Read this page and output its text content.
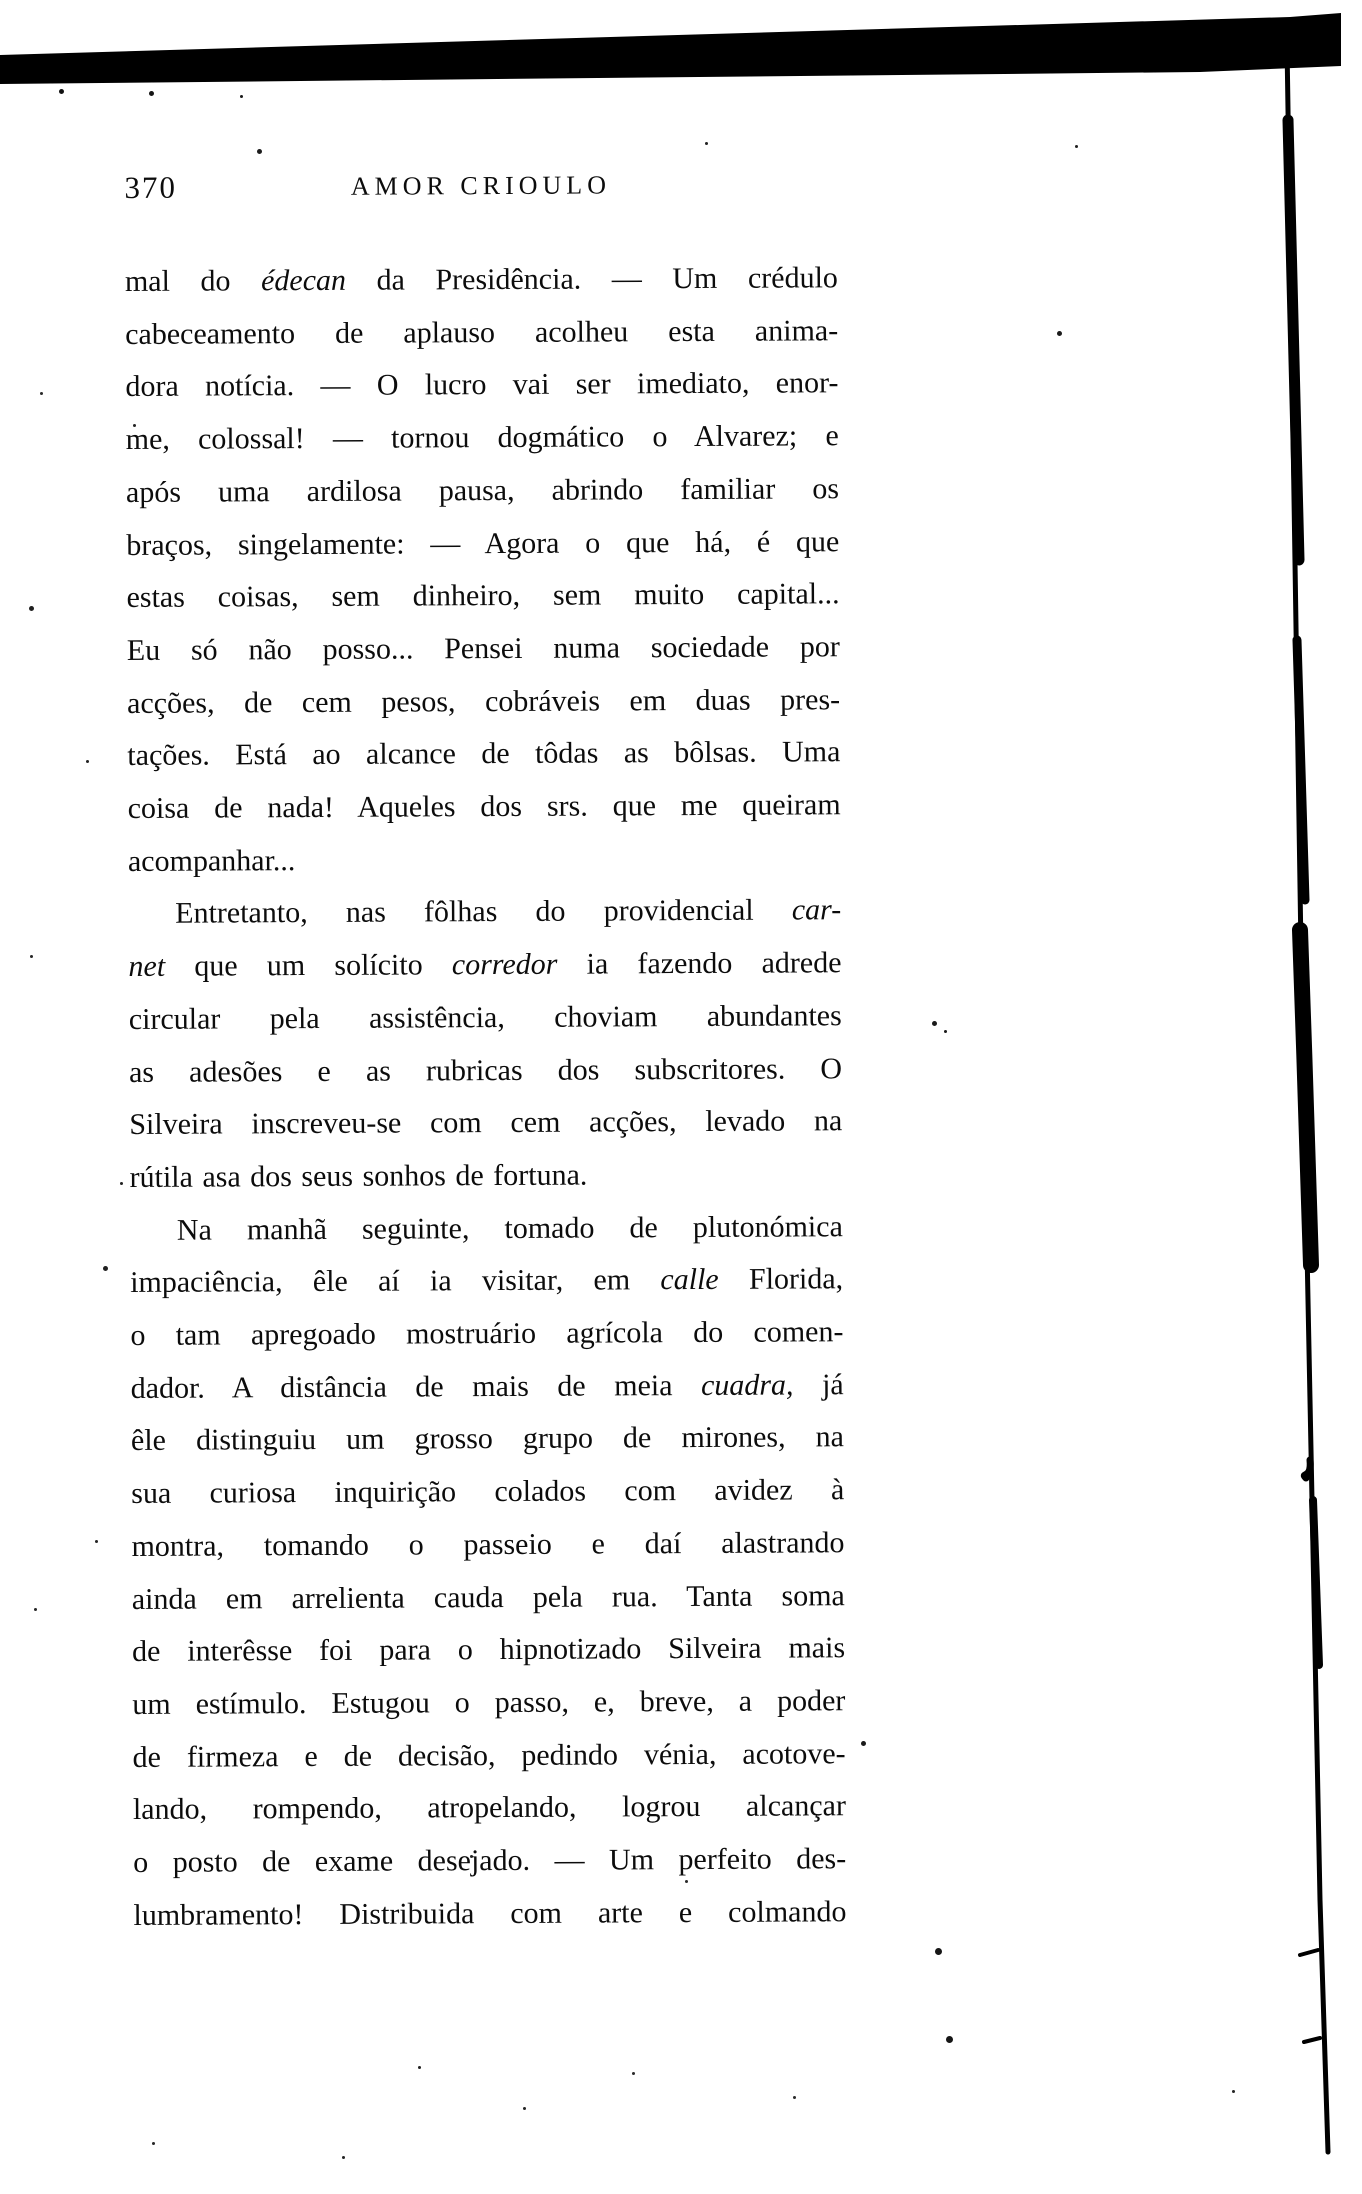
370	AMOR CRIOULO
mal do édecan da Presidência. — Um crédulo
cabeceamento de aplauso acolheu esta anima-
dora notícia. — O lucro vai ser imediato, enor-
me, colossal! — tornou dogmático o Alvarez; e
após uma ardilosa pausa, abrindo familiar os
braços, singelamente: — Agora o que há, é que
estas coisas, sem dinheiro, sem muito capital...
Eu só não posso... Pensei numa sociedade por
acções, de cem pesos, cobráveis em duas pres-
tações. Está ao alcance de tôdas as bôlsas. Uma
coisa de nada! Aqueles dos srs. que me queiram
acompanhar...
Entretanto, nas fôlhas do providencial car-
net que um solícito corredor ia fazendo adrede
circular pela assistência, choviam abundantes
as adesões e as rubricas dos subscritores. O
Silveira inscreveu-se com cem acções, levado na
rútila asa dos seus sonhos de fortuna.
Na manhã seguinte, tomado de plutonómica
impaciência, êle aí ia visitar, em calle Florida,
o tam apregoado mostruário agrícola do comen-
dador. A distância de mais de meia cuadra, já
êle distinguiu um grosso grupo de mirones, na
sua curiosa inquirição colados com avidez à
montra, tomando o passeio e daí alastrando
ainda em arrelienta cauda pela rua. Tanta soma
de interêsse foi para o hipnotizado Silveira mais
um estímulo. Estugou o passo, e, breve, a poder
de firmeza e de decisão, pedindo vénia, acotove-
lando, rompendo, atropelando, logrou alcançar
o posto de exame desejado. — Um perfeito des-
lumbramento! Distribuida com arte e colmando
